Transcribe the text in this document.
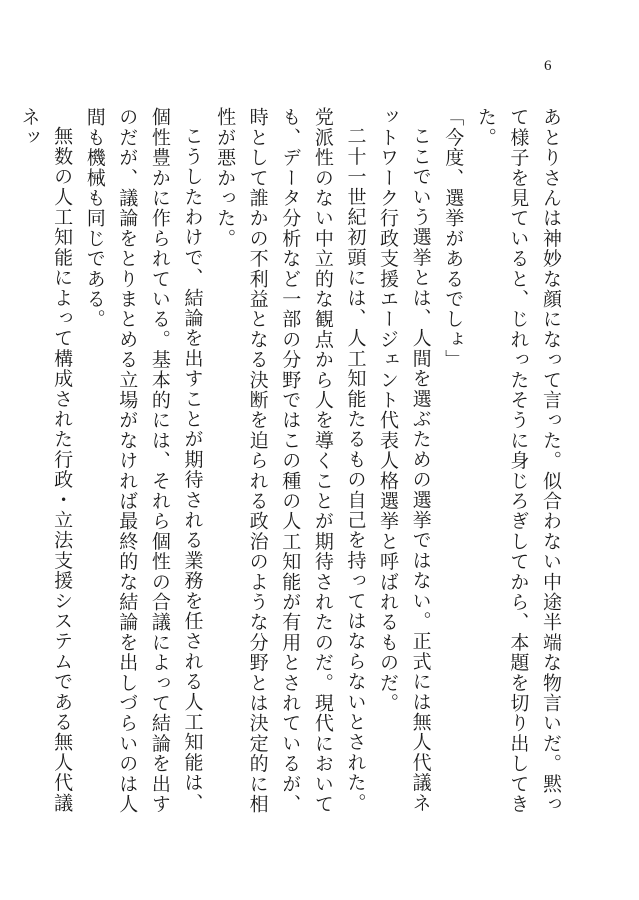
6

あとりさんは神妙な顔になって言った。似合わない中途半端な物言いだ。黙って様子を見ていると、じれったそうに身じろぎしてから、本題を切り出してきた。

「今度、選挙があるでしょ」

ここでいう選挙とは、人間を選ぶための選挙ではない。正式には無人代議ネットワーク行政支援エージェント代表人格選挙と呼ばれるものだ。

二十一世紀初頭には、人工知能たるもの自己を持ってはならないとされた。党派性のない中立的な観点から人を導くことが期待されたのだ。現代においても、データ分析など一部の分野ではこの種の人工知能が有用とされているが、時として誰かの不利益となる決断を迫られる政治のような分野とは決定的に相性が悪かった。

こうしたわけで、結論を出すことが期待される業務を任される人工知能は、個性豊かに作られている。基本的には、それら個性の合議によって結論を出すのだが、議論をとりまとめる立場がなければ最終的な結論を出しづらいのは人間も機械も同じである。

無数の人工知能によって構成された行政・立法支援システムである無人代議ネッ
